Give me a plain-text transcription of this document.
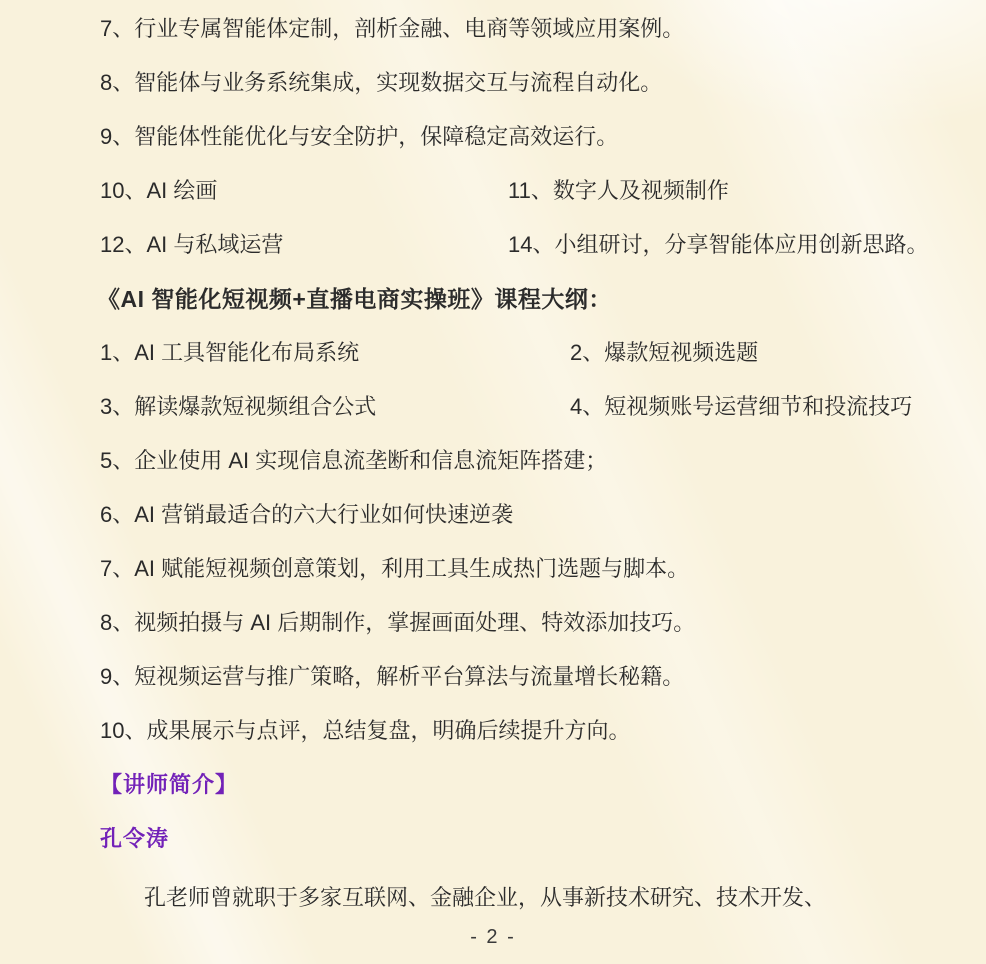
7、行业专属智能体定制，剖析金融、电商等领域应用案例。

8、智能体与业务系统集成，实现数据交互与流程自动化。

9、智能体性能优化与安全防护，保障稳定高效运行。

10、AI 绘画	11、数字人及视频制作

12、AI 与私域运营	14、小组研讨，分享智能体应用创新思路。

《AI 智能化短视频+直播电商实操班》课程大纲：

1、AI 工具智能化布局系统	2、爆款短视频选题

3、解读爆款短视频组合公式	4、短视频账号运营细节和投流技巧

5、企业使用 AI 实现信息流垄断和信息流矩阵搭建；

6、AI 营销最适合的六大行业如何快速逆袭

7、AI 赋能短视频创意策划，利用工具生成热门选题与脚本。

8、视频拍摄与 AI 后期制作，掌握画面处理、特效添加技巧。

9、短视频运营与推广策略，解析平台算法与流量增长秘籍。

10、成果展示与点评，总结复盘，明确后续提升方向。

【讲师简介】
孔令涛

孔老师曾就职于多家互联网、金融企业，从事新技术研究、技术开发、

- 2 -
